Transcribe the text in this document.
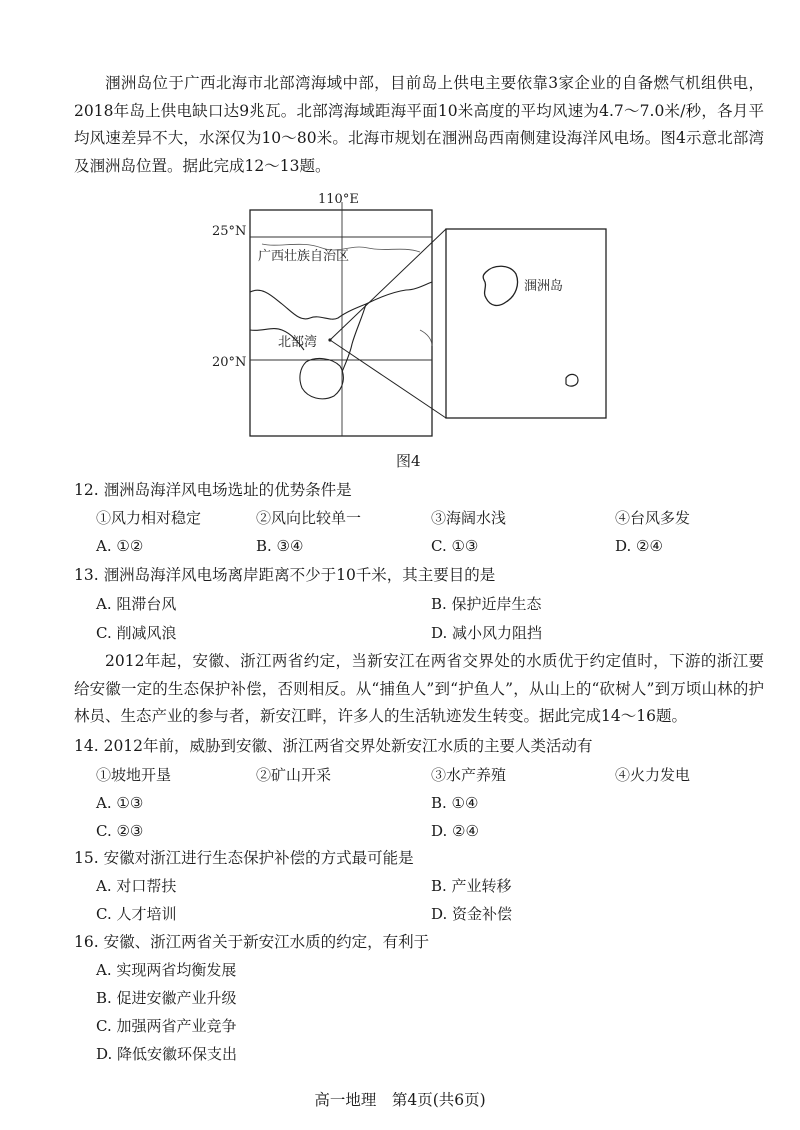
涠洲岛位于广西北海市北部湾海域中部，目前岛上供电主要依靠3家企业的自备燃气机组供电，2018年岛上供电缺口达9兆瓦。北部湾海域距海平面10米高度的平均风速为4.7～7.0米/秒，各月平均风速差异不大，水深仅为10～80米。北海市规划在涠洲岛西南侧建设海洋风电场。图4示意北部湾及涠洲岛位置。据此完成12～13题。
110°E
25°N
20°N
广西壮族自治区
北部湾
涠洲岛
图4
12. 涠洲岛海洋风电场选址的优势条件是
①风力相对稳定	②风向比较单一	③海阔水浅	④台风多发
A. ①②	B. ③④	C. ①③	D. ②④
13. 涠洲岛海洋风电场离岸距离不少于10千米，其主要目的是
A. 阻滞台风	B. 保护近岸生态
C. 削减风浪	D. 减小风力阻挡
2012年起，安徽、浙江两省约定，当新安江在两省交界处的水质优于约定值时，下游的浙江要给安徽一定的生态保护补偿，否则相反。从“捕鱼人”到“护鱼人”，从山上的“砍树人”到万顷山林的护林员、生态产业的参与者，新安江畔，许多人的生活轨迹发生转变。据此完成14～16题。
14. 2012年前，威胁到安徽、浙江两省交界处新安江水质的主要人类活动有
①坡地开垦	②矿山开采	③水产养殖	④火力发电
A. ①③	B. ①④
C. ②③	D. ②④
15. 安徽对浙江进行生态保护补偿的方式最可能是
A. 对口帮扶	B. 产业转移
C. 人才培训	D. 资金补偿
16. 安徽、浙江两省关于新安江水质的约定，有利于
A. 实现两省均衡发展
B. 促进安徽产业升级
C. 加强两省产业竞争
D. 降低安徽环保支出
高一地理　第4页(共6页)
